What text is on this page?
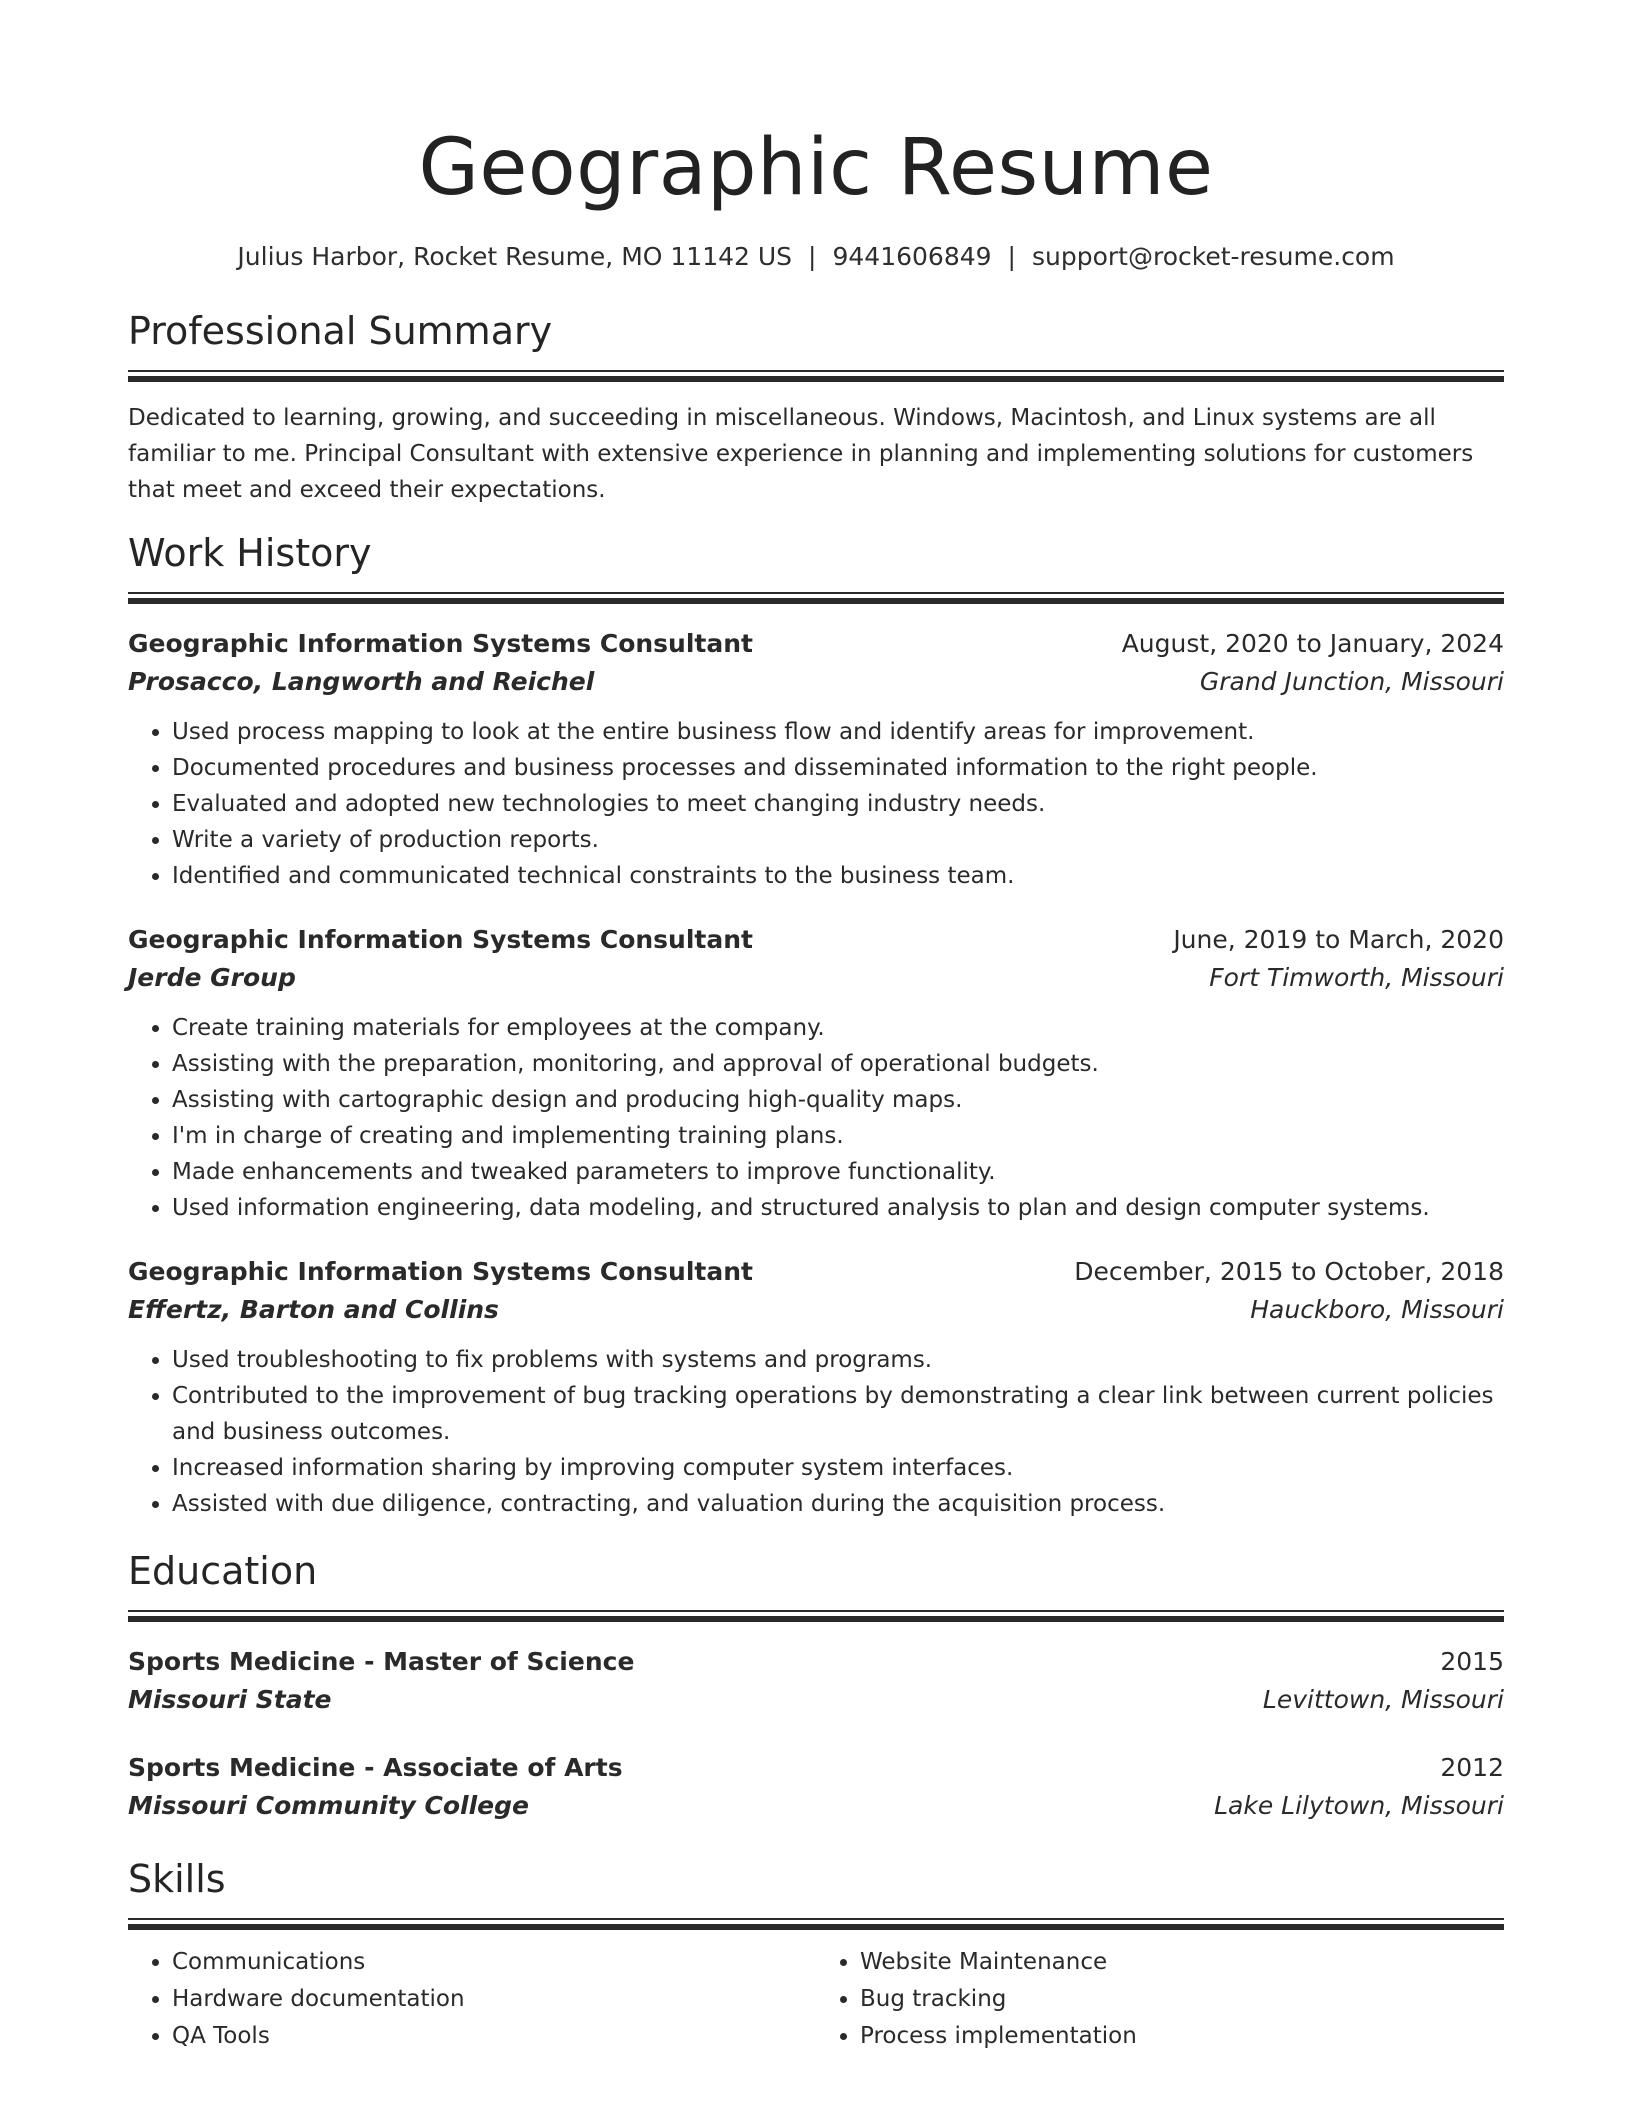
Geographic Resume
Julius Harbor, Rocket Resume, MO 11142 US | 9441606849 | support@rocket-resume.com
Professional Summary
Dedicated to learning, growing, and succeeding in miscellaneous. Windows, Macintosh, and Linux systems are all familiar to me. Principal Consultant with extensive experience in planning and implementing solutions for customers that meet and exceed their expectations.
Work History
Geographic Information Systems Consultant	August, 2020 to January, 2024
Prosacco, Langworth and Reichel	Grand Junction, Missouri
• Used process mapping to look at the entire business flow and identify areas for improvement.
• Documented procedures and business processes and disseminated information to the right people.
• Evaluated and adopted new technologies to meet changing industry needs.
• Write a variety of production reports.
• Identified and communicated technical constraints to the business team.
Geographic Information Systems Consultant	June, 2019 to March, 2020
Jerde Group	Fort Timworth, Missouri
• Create training materials for employees at the company.
• Assisting with the preparation, monitoring, and approval of operational budgets.
• Assisting with cartographic design and producing high-quality maps.
• I'm in charge of creating and implementing training plans.
• Made enhancements and tweaked parameters to improve functionality.
• Used information engineering, data modeling, and structured analysis to plan and design computer systems.
Geographic Information Systems Consultant	December, 2015 to October, 2018
Effertz, Barton and Collins	Hauckboro, Missouri
• Used troubleshooting to fix problems with systems and programs.
• Contributed to the improvement of bug tracking operations by demonstrating a clear link between current policies and business outcomes.
• Increased information sharing by improving computer system interfaces.
• Assisted with due diligence, contracting, and valuation during the acquisition process.
Education
Sports Medicine - Master of Science	2015
Missouri State	Levittown, Missouri
Sports Medicine - Associate of Arts	2012
Missouri Community College	Lake Lilytown, Missouri
Skills
• Communications
• Hardware documentation
• QA Tools
• Website Maintenance
• Bug tracking
• Process implementation
